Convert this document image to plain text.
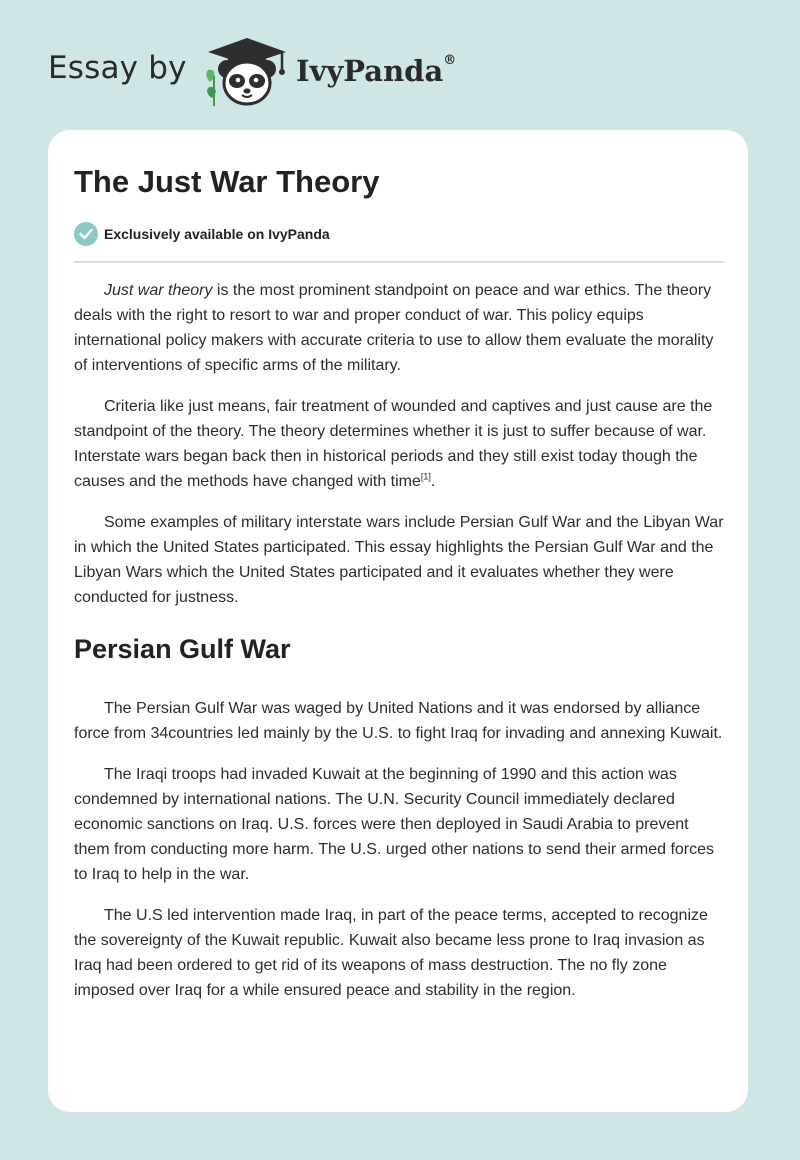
Essay by	IvyPanda®
The Just War Theory
Exclusively available on IvyPanda

Just war theory is the most prominent standpoint on peace and war ethics. The theory deals with the right to resort to war and proper conduct of war. This policy equips international policy makers with accurate criteria to use to allow them evaluate the morality of interventions of specific arms of the military.

Criteria like just means, fair treatment of wounded and captives and just cause are the standpoint of the theory. The theory determines whether it is just to suffer because of war. Interstate wars began back then in historical periods and they still exist today though the causes and the methods have changed with time[1].

Some examples of military interstate wars include Persian Gulf War and the Libyan War in which the United States participated. This essay highlights the Persian Gulf War and the Libyan Wars which the United States participated and it evaluates whether they were conducted for justness.

Persian Gulf War

The Persian Gulf War was waged by United Nations and it was endorsed by alliance force from 34countries led mainly by the U.S. to fight Iraq for invading and annexing Kuwait.

The Iraqi troops had invaded Kuwait at the beginning of 1990 and this action was condemned by international nations. The U.N. Security Council immediately declared economic sanctions on Iraq. U.S. forces were then deployed in Saudi Arabia to prevent them from conducting more harm. The U.S. urged other nations to send their armed forces to Iraq to help in the war.

The U.S led intervention made Iraq, in part of the peace terms, accepted to recognize the sovereignty of the Kuwait republic. Kuwait also became less prone to Iraq invasion as Iraq had been ordered to get rid of its weapons of mass destruction. The no fly zone imposed over Iraq for a while ensured peace and stability in the region.
